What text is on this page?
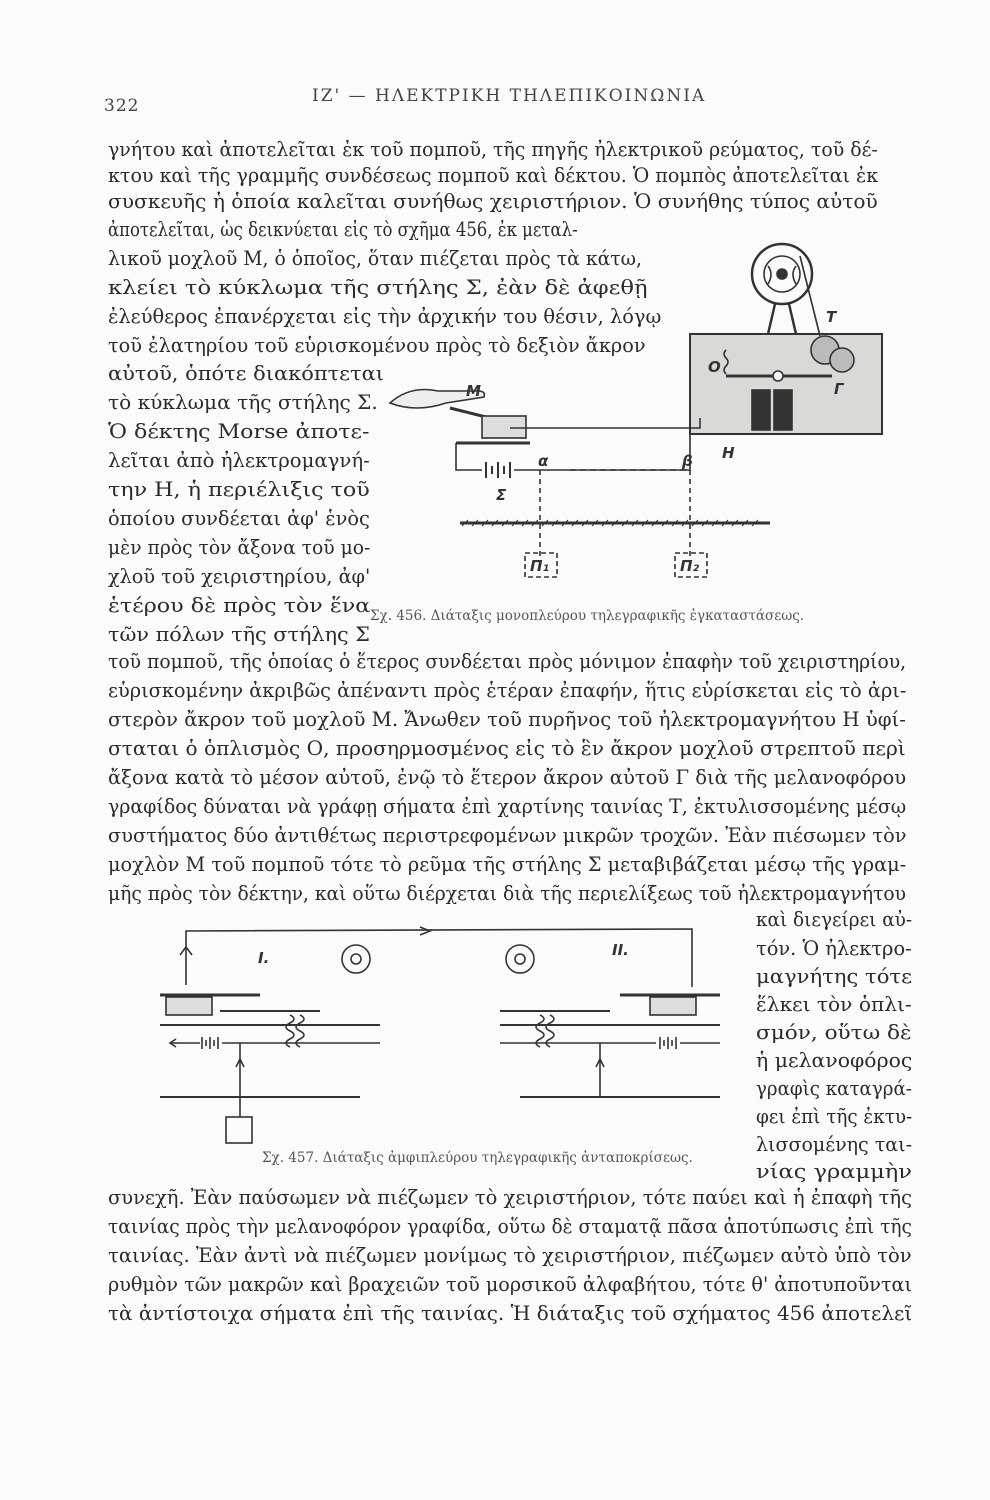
322	ΙΖ' — ΗΛΕΚΤΡΙΚΗ ΤΗΛΕΠΙΚΟΙΝΩΝΙΑ
γνήτου καὶ ἀποτελεῖται ἐκ τοῦ πομποῦ, τῆς πηγῆς ἠλεκτρικοῦ ρεύματος, τοῦ δέ-
κτου καὶ τῆς γραμμῆς συνδέσεως πομποῦ καὶ δέκτου. Ὁ πομπὸς ἀποτελεῖται ἐκ
συσκευῆς ἡ ὁποία καλεῖται συνήθως χειριστήριον. Ὁ συνήθης τύπος αὐτοῦ
ἀποτελεῖται, ὡς δεικνύεται εἰς τὸ σχῆμα 456, ἐκ μεταλ-
λικοῦ μοχλοῦ Μ, ὁ ὁποῖος, ὅταν πιέζεται πρὸς τὰ κάτω,
κλείει τὸ κύκλωμα τῆς στήλης Σ, ἐὰν δὲ ἀφεθῇ
ἐλεύθερος ἐπανέρχεται εἰς τὴν ἀρχικήν του θέσιν, λόγῳ
τοῦ ἐλατηρίου τοῦ εὑρισκομένου πρὸς τὸ δεξιὸν ἄκρον
αὐτοῦ, ὁπότε διακόπτεται
τὸ κύκλωμα τῆς στήλης Σ.
Ὁ δέκτης Morse ἀποτε-
λεῖται ἀπὸ ἠλεκτρομαγνή-
την Η, ἡ περιέλιξις τοῦ
ὁποίου συνδέεται ἀφ' ἑνὸς
μὲν πρὸς τὸν ἄξονα τοῦ μο-
χλοῦ τοῦ χειριστηρίου, ἀφ'
ἑτέρου δὲ πρὸς τὸν ἕνα
τῶν πόλων τῆς στήλης Σ
τοῦ πομποῦ, τῆς ὁποίας ὁ ἕτερος συνδέεται πρὸς μόνιμον ἐπαφὴν τοῦ χειριστηρίου,
εὑρισκομένην ἀκριβῶς ἀπέναντι πρὸς ἑτέραν ἐπαφήν, ἥτις εὑρίσκεται εἰς τὸ ἀρι-
στερὸν ἄκρον τοῦ μοχλοῦ Μ. Ἄνωθεν τοῦ πυρῆνος τοῦ ἠλεκτρομαγνήτου Η ὑφί-
σταται ὁ ὁπλισμὸς Ο, προσηρμοσμένος εἰς τὸ ἓν ἄκρον μοχλοῦ στρεπτοῦ περὶ
ἄξονα κατὰ τὸ μέσον αὐτοῦ, ἐνῷ τὸ ἕτερον ἄκρον αὐτοῦ Γ διὰ τῆς μελανοφόρου
γραφίδος δύναται νὰ γράφῃ σήματα ἐπὶ χαρτίνης ταινίας Τ, ἐκτυλισσομένης μέσῳ
συστήματος δύο ἀντιθέτως περιστρεφομένων μικρῶν τροχῶν. Ἐὰν πιέσωμεν τὸν
μοχλὸν Μ τοῦ πομποῦ τότε τὸ ρεῦμα τῆς στήλης Σ μεταβιβάζεται μέσῳ τῆς γραμ-
μῆς πρὸς τὸν δέκτην, καὶ οὕτω διέρχεται διὰ τῆς περιελίξεως τοῦ ἠλεκτρομαγνήτου
καὶ διεγείρει αὐ-
τόν. Ὁ ἠλεκτρο-
μαγνήτης τότε
ἕλκει τὸν ὁπλι-
σμόν, οὕτω δὲ
ἡ μελανοφόρος
γραφὶς καταγρά-
φει ἐπὶ τῆς ἐκτυ-
λισσομένης ται-
νίας γραμμὴν
συνεχῆ. Ἐὰν παύσωμεν νὰ πιέζωμεν τὸ χειριστήριον, τότε παύει καὶ ἡ ἐπαφὴ τῆς
ταινίας πρὸς τὴν μελανοφόρον γραφίδα, οὕτω δὲ σταματᾷ πᾶσα ἀποτύπωσις ἐπὶ τῆς
ταινίας. Ἐὰν ἀντὶ νὰ πιέζωμεν μονίμως τὸ χειριστήριον, πιέζωμεν αὐτὸ ὑπὸ τὸν
ρυθμὸν τῶν μακρῶν καὶ βραχειῶν τοῦ μορσικοῦ ἀλφαβήτου, τότε θ' ἀποτυποῦνται
τὰ ἀντίστοιχα σήματα ἐπὶ τῆς ταινίας. Ἡ διάταξις τοῦ σχήματος 456 ἀποτελεῖ
M
T
O
Γ
H
α	β
Σ
Π₁	Π₂
Σχ. 456. Διάταξις μονοπλεύρου τηλεγραφικῆς ἐγκαταστάσεως.
I.	II.
Σχ. 457. Διάταξις ἀμφιπλεύρου τηλεγραφικῆς ἀνταποκρίσεως.
